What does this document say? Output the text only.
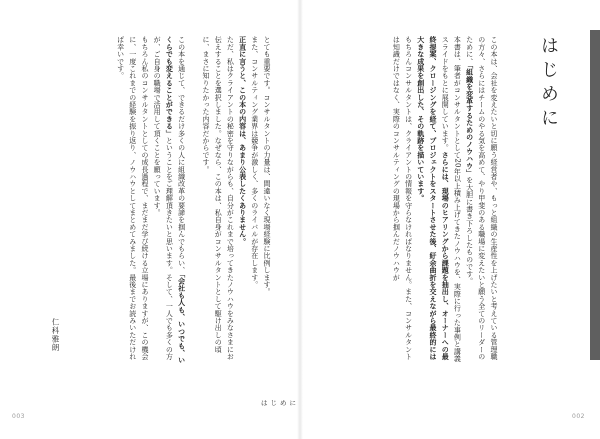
とても重要です。コンサルタントの力量は、間違いなく現場経験に比例します。
また、コンサルティング業界は競争が激しく、多くのライバルが存在します。
正直に言うと、この本の内容は、あまり公表したくありません。
ただ、私はクライアントの秘密を守りながらも、自分がこれまで培ってきたノウハウをみなさまにお伝えすることを選択しました。なぜなら、この本は、私自身がコンサルタントとして駆け出しの頃に、まさに知りたかった内容だからです。

この本を通じて、できるだけ多くの人に組織改革の要諦を掴んでもらい、「会社も人も、いつでも、いくらでも変えることができる」ということをご理解頂きたいと思います。そして、一人でも多くの方が、ご自身の職場で活用して頂くことを願っています。
もちろん私のコンサルタントとしての成長過程で、まだまだ学び続ける立場にありますが、この機会に、一度これまでの経験を振り返り、ノウハウとしてまとめてみました。最後までお読みいただければ幸いです。
仁科雅朗
003
はじめに
この本は、会社を変えたいと切に願う経営者や、もっと組織の生産性を上げたいと考えている管理職の方々、さらにはチームのやる気を高めて、やり甲斐のある職場に変えたいと願う全てのリーダーのために、「組織を変革するためのノウハウ」を大胆に書き下ろしたものです。
本書は、筆者がコンサルタントとして20年以上積み上げてきたノウハウを、実際に行った事例と講義スライドをもとに展開しています。さらには、現場のヒアリングから課題を抽出し、オーナーへの最終提案、クロージングを経て、プロジェクトをスタートさせた後、紆余曲折を交えながら最終的には大きな成果を創出した、その軌跡を描いています。
もちろんコンサルタントは、クライアントの情報を守らなければなりません。また、コンサルタントは知識だけではなく、実際のコンサルティングの現場から掴んだノウハウが
002
はじめに
